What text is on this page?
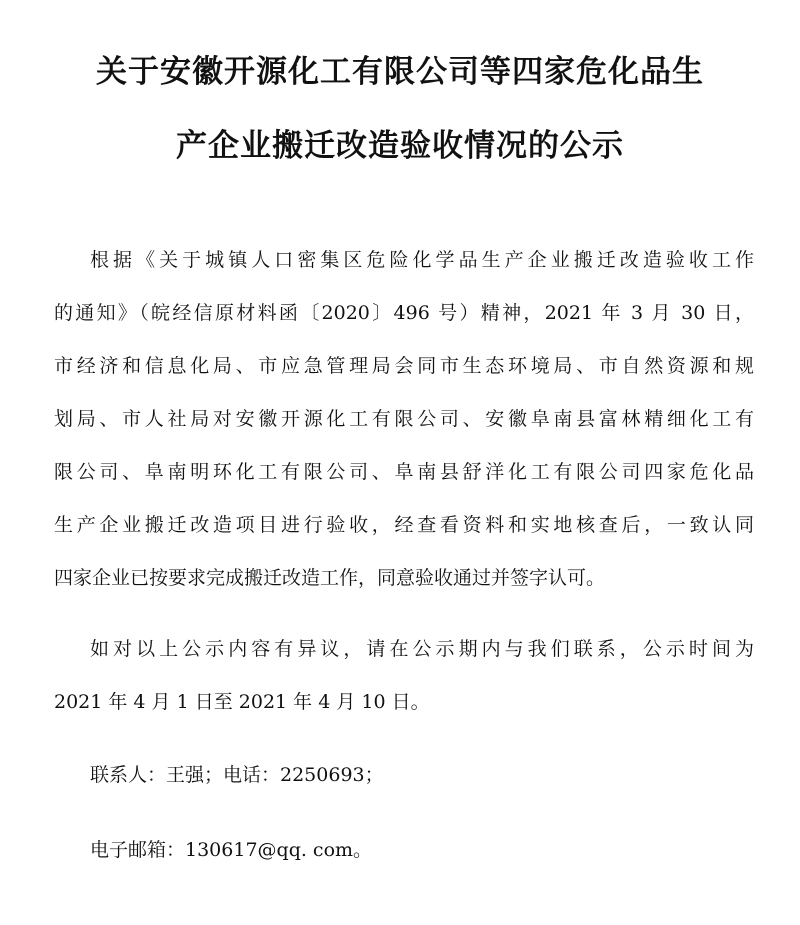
关于安徽开源化工有限公司等四家危化品生
产企业搬迁改造验收情况的公示
根据《关于城镇人口密集区危险化学品生产企业搬迁改造验收工作
的通知》（皖经信原材料函〔2020〕496 号）精神，2021 年 3 月 30 日，
市经济和信息化局、市应急管理局会同市生态环境局、市自然资源和规
划局、市人社局对安徽开源化工有限公司、安徽阜南县富林精细化工有
限公司、阜南明环化工有限公司、阜南县舒洋化工有限公司四家危化品
生产企业搬迁改造项目进行验收，经查看资料和实地核查后，一致认同
四家企业已按要求完成搬迁改造工作，同意验收通过并签字认可。
如对以上公示内容有异议，请在公示期内与我们联系，公示时间为
2021 年 4 月 1 日至 2021 年 4 月 10 日。
联系人：王强；电话：2250693；
电子邮箱：130617@qq. com。
